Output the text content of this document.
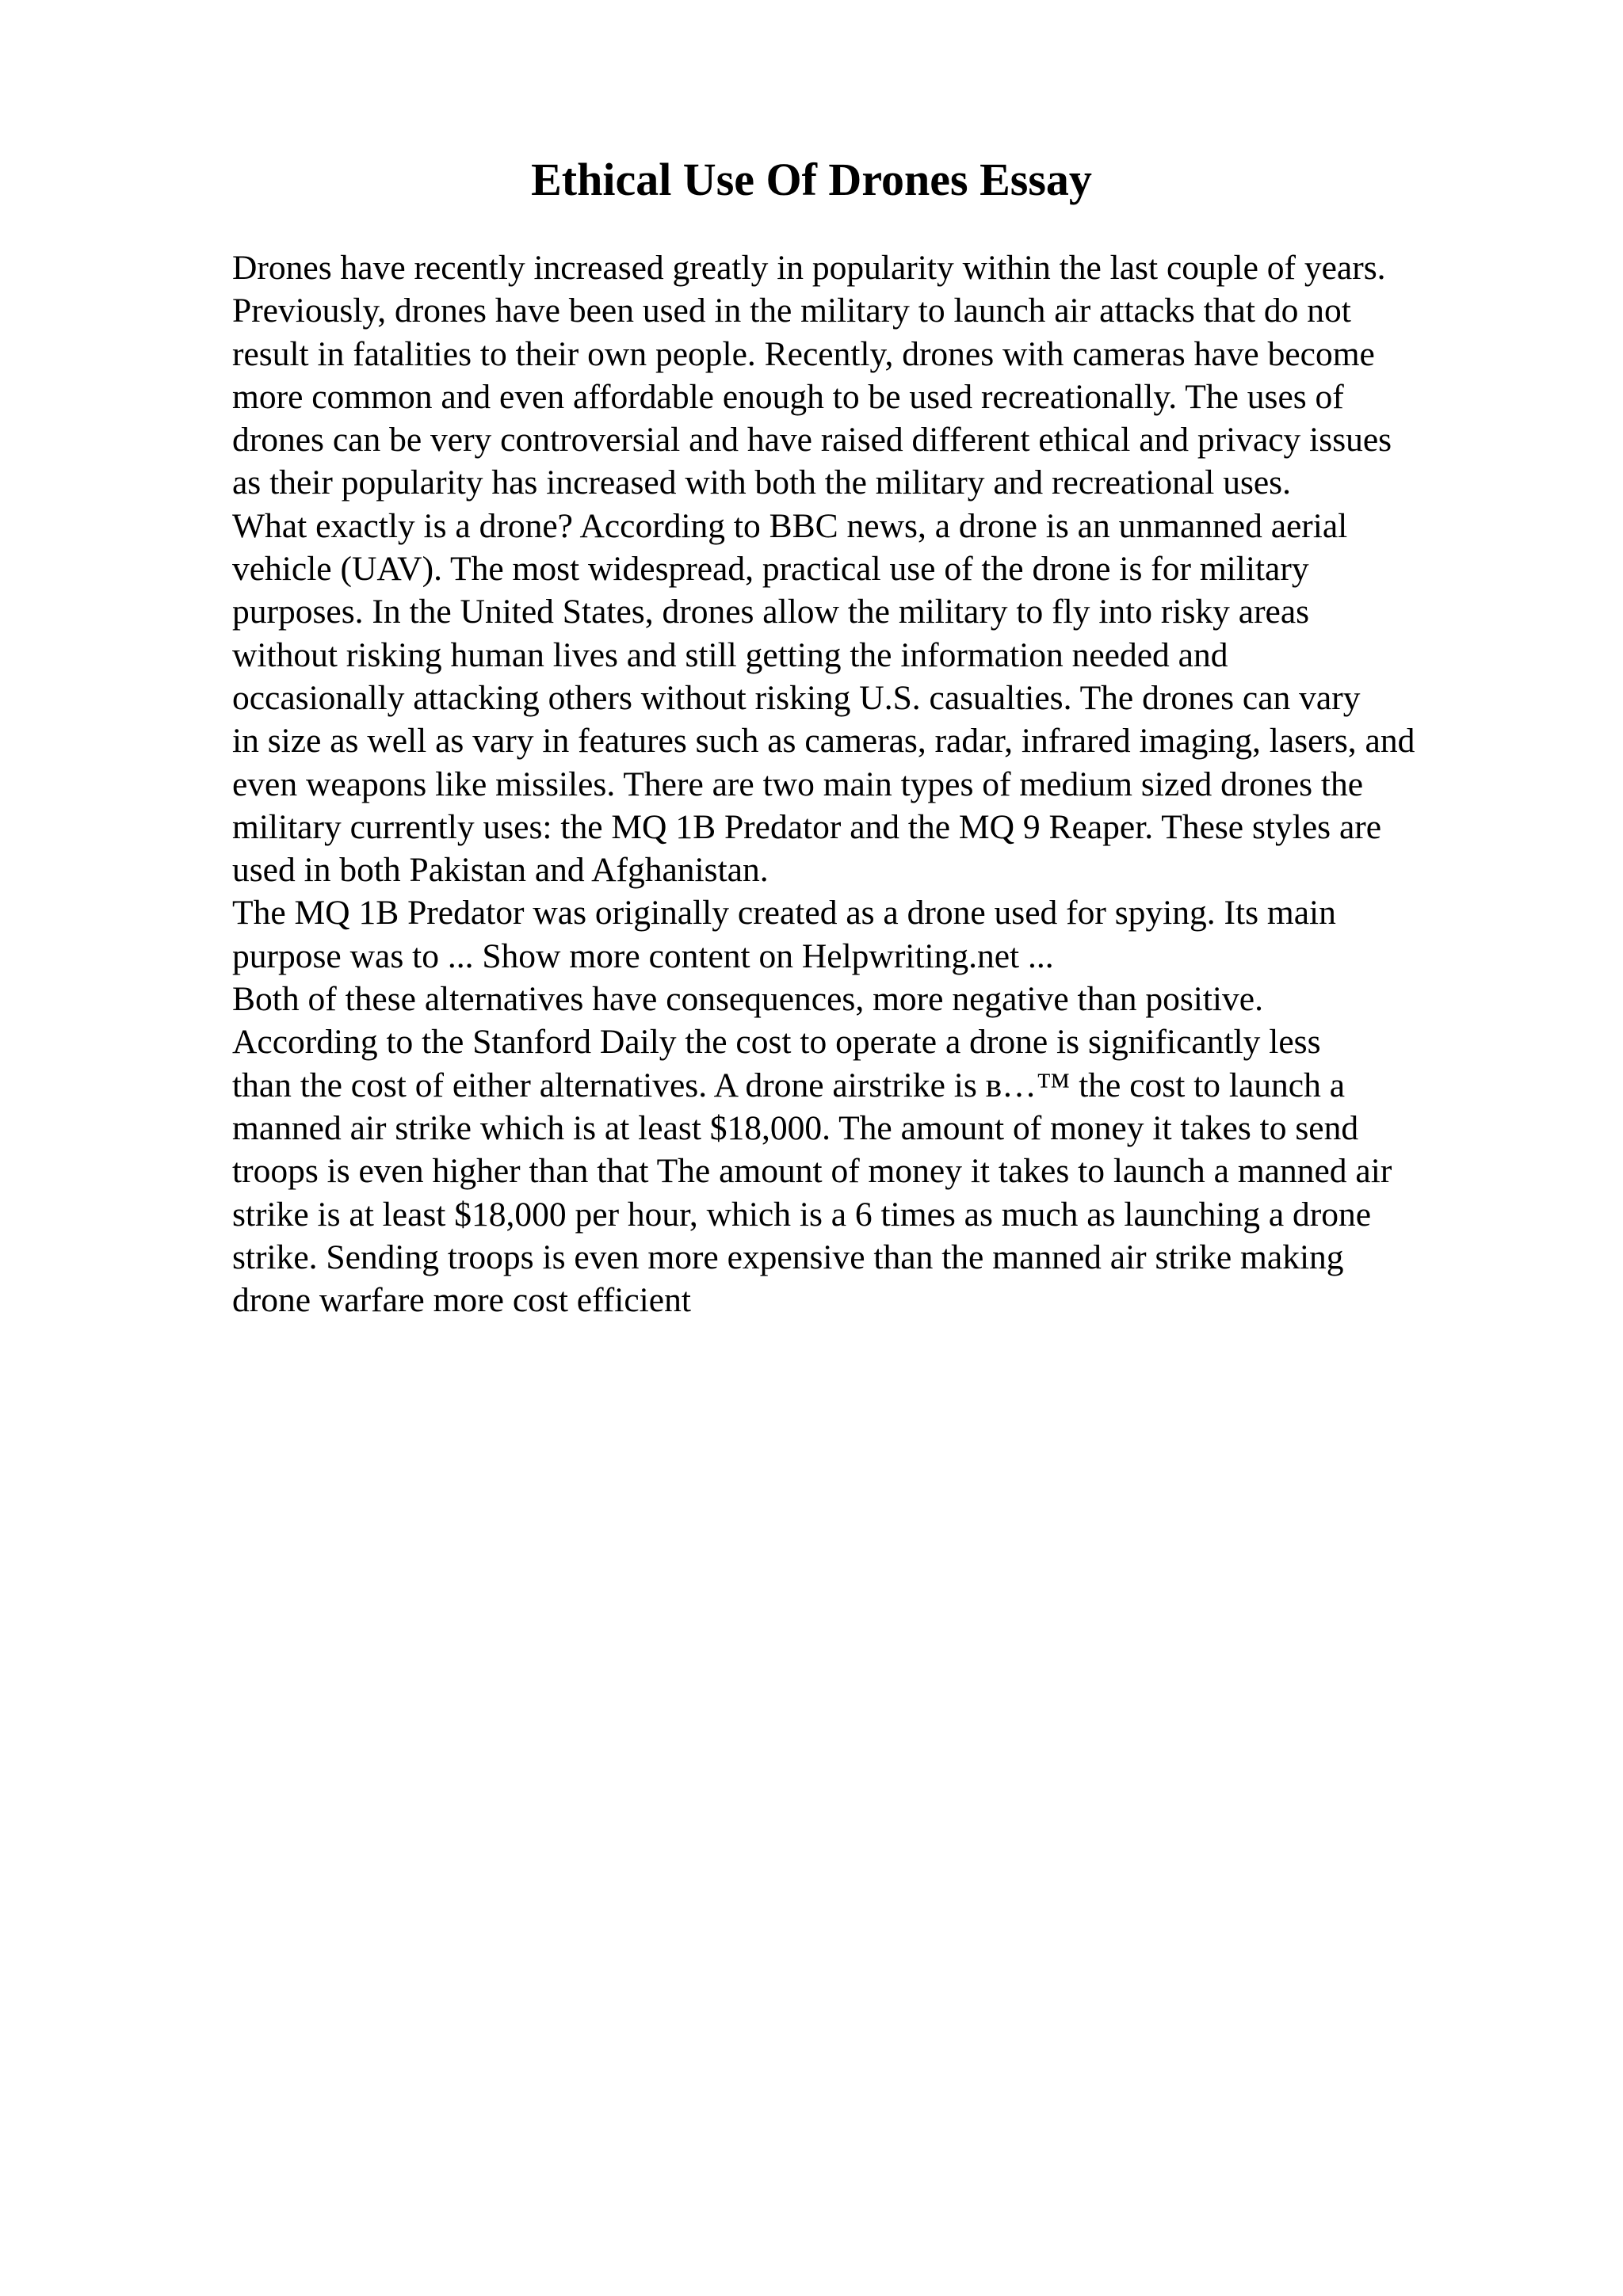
Ethical Use Of Drones Essay
Drones have recently increased greatly in popularity within the last couple of years.
Previously, drones have been used in the military to launch air attacks that do not
result in fatalities to their own people. Recently, drones with cameras have become
more common and even affordable enough to be used recreationally. The uses of
drones can be very controversial and have raised different ethical and privacy issues
as their popularity has increased with both the military and recreational uses.
What exactly is a drone? According to BBC news, a drone is an unmanned aerial
vehicle (UAV). The most widespread, practical use of the drone is for military
purposes. In the United States, drones allow the military to fly into risky areas
without risking human lives and still getting the information needed and
occasionally attacking others without risking U.S. casualties. The drones can vary
in size as well as vary in features such as cameras, radar, infrared imaging, lasers, and
even weapons like missiles. There are two main types of medium sized drones the
military currently uses: the MQ 1B Predator and the MQ 9 Reaper. These styles are
used in both Pakistan and Afghanistan.
The MQ 1B Predator was originally created as a drone used for spying. Its main
purpose was to ... Show more content on Helpwriting.net ...
Both of these alternatives have consequences, more negative than positive.
According to the Stanford Daily the cost to operate a drone is significantly less
than the cost of either alternatives. A drone airstrike is в…™ the cost to launch a
manned air strike which is at least $18,000. The amount of money it takes to send
troops is even higher than that The amount of money it takes to launch a manned air
strike is at least $18,000 per hour, which is a 6 times as much as launching a drone
strike. Sending troops is even more expensive than the manned air strike making
drone warfare more cost efficient
